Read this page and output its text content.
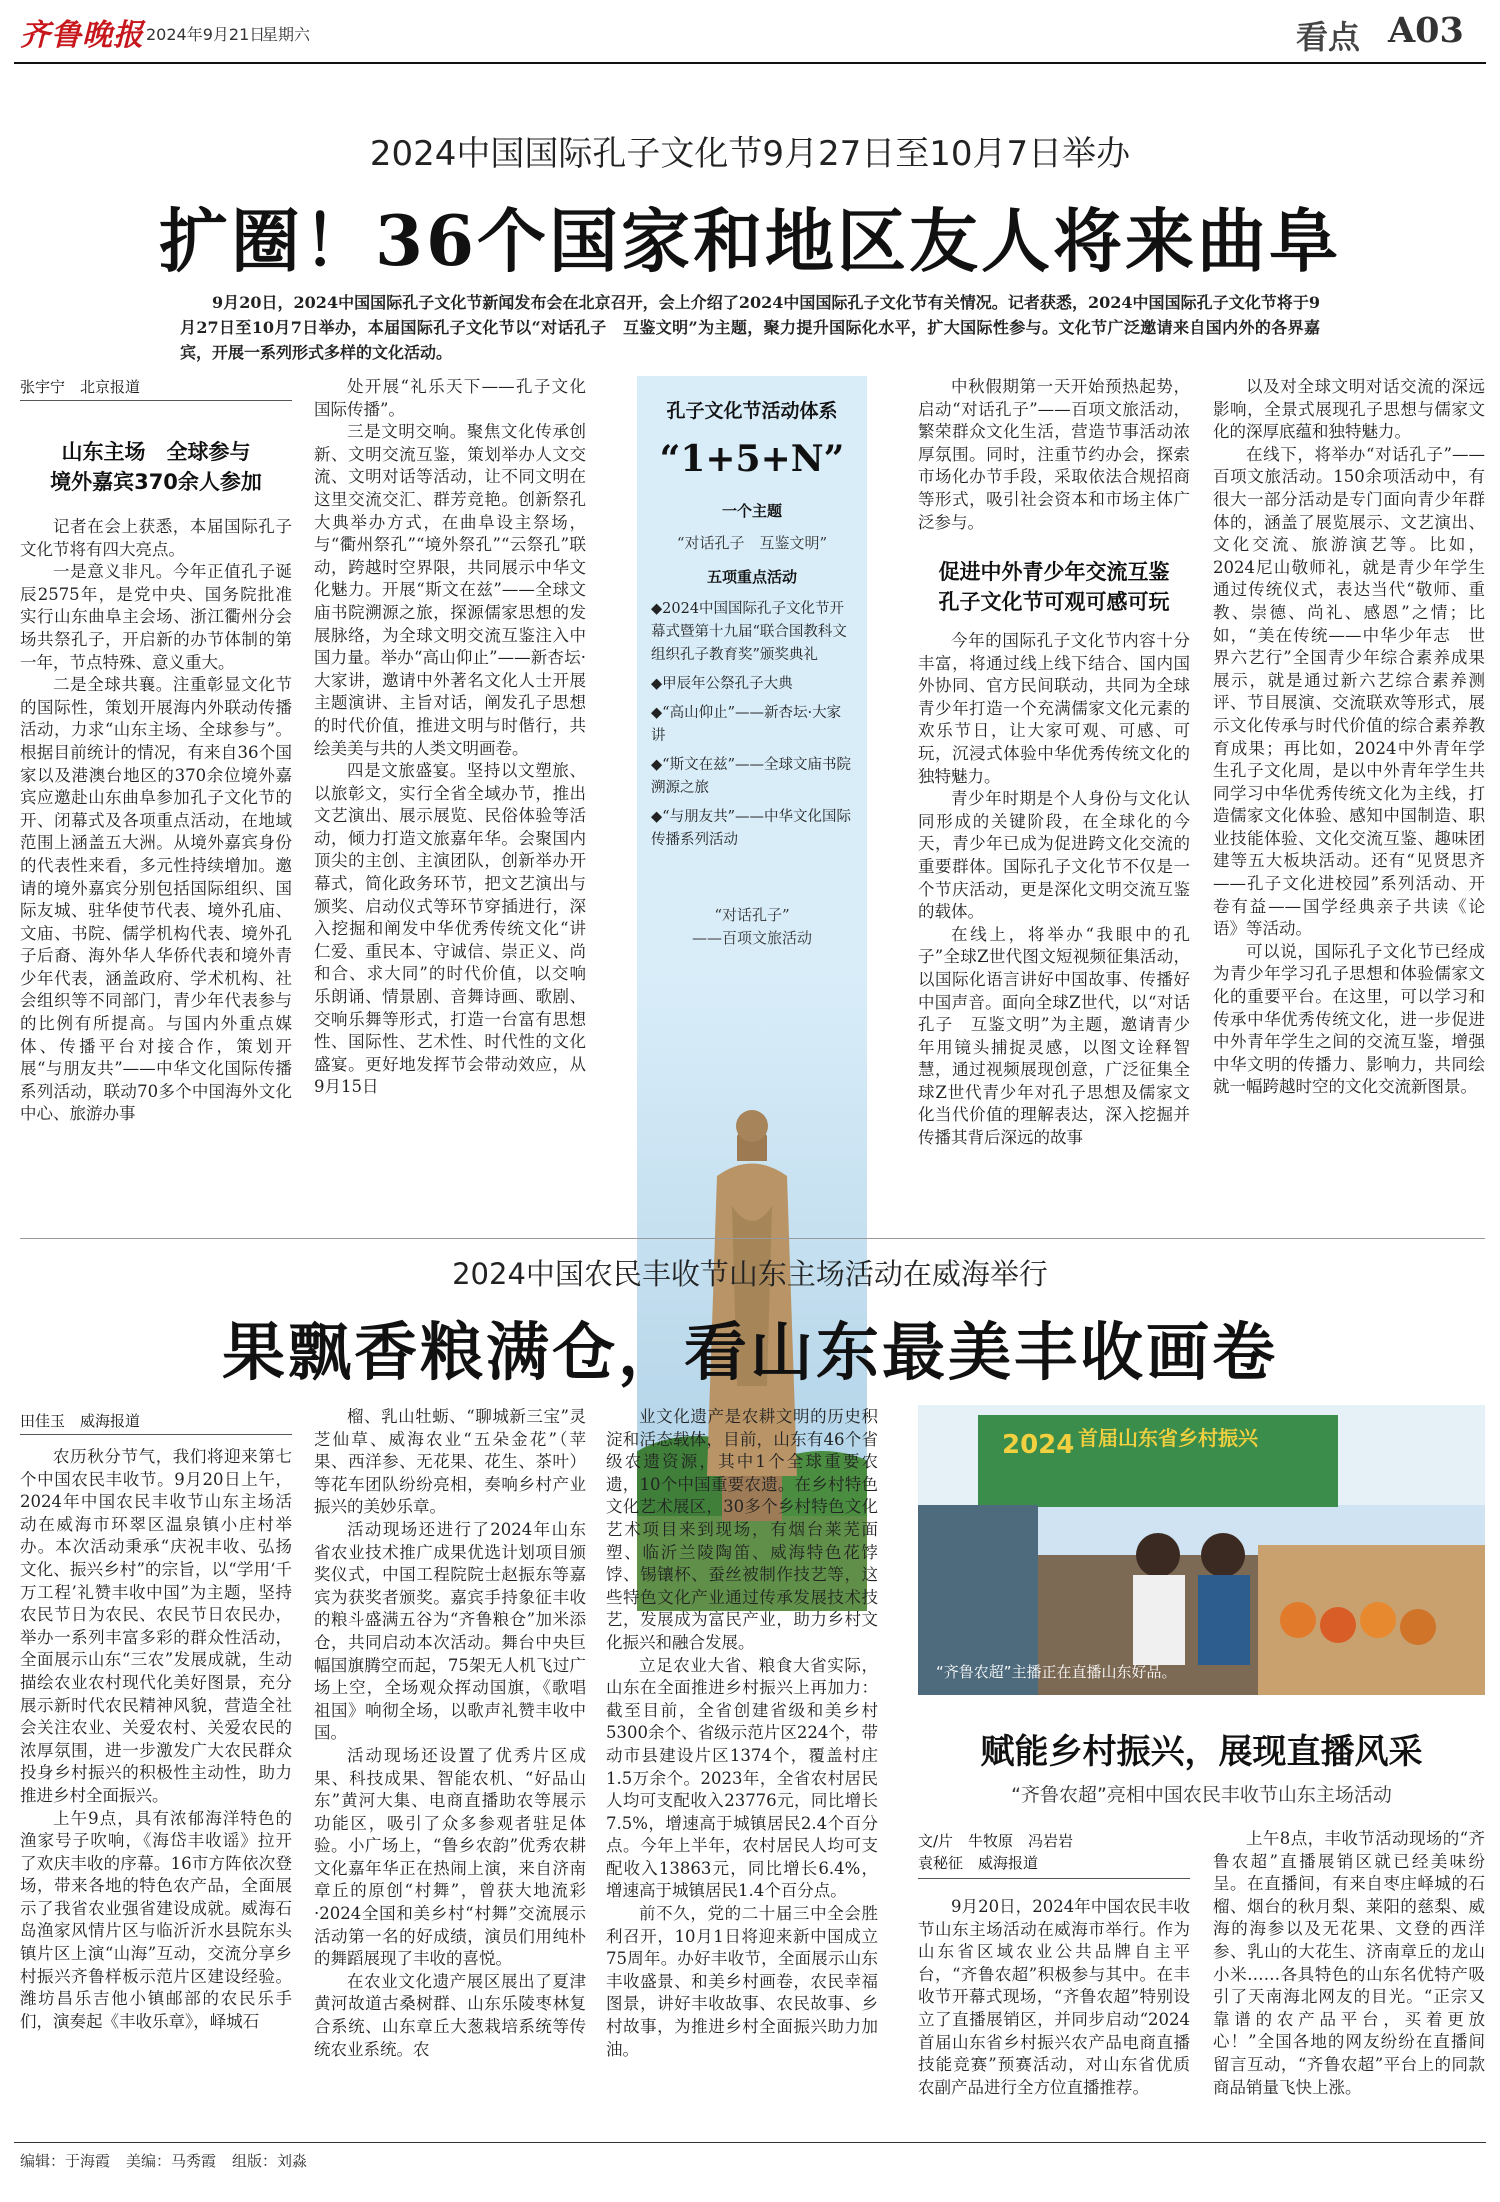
齐鲁晚报 2024年9月21日
星期六	看点 A03
2024中国国际孔子文化节9月27日至10月7日举办
扩圈！36个国家和地区友人将来曲阜
9月20日，2024中国国际孔子文化节新闻发布会在北京召开，会上介绍了2024中国国际孔子文化节有关情况。记者获悉，2024中国国际孔子文化节将于9月27日至10月7日举办，本届国际孔子文化节以“对话孔子　互鉴文明”为主题，聚力提升国际化水平，扩大国际性参与。文化节广泛邀请来自国内外的各界嘉宾，开展一系列形式多样的文化活动。
张宇宁　北京报道
山东主场　全球参与
境外嘉宾370余人参加

记者在会上获悉，本届国际孔子文化节将有四大亮点。

一是意义非凡。今年正值孔子诞辰2575年，是党中央、国务院批准实行山东曲阜主会场、浙江衢州分会场共祭孔子，开启新的办节体制的第一年，节点特殊、意义重大。

二是全球共襄。注重彰显文化节的国际性，策划开展海内外联动传播活动，力求“山东主场、全球参与”。根据目前统计的情况，有来自36个国家以及港澳台地区的370余位境外嘉宾应邀赴山东曲阜参加孔子文化节的开、闭幕式及各项重点活动，在地域范围上涵盖五大洲。从境外嘉宾身份的代表性来看，多元性持续增加。邀请的境外嘉宾分别包括国际组织、国际友城、驻华使节代表、境外孔庙、文庙、书院、儒学机构代表、境外孔子后裔、海外华人华侨代表和境外青少年代表，涵盖政府、学术机构、社会组织等不同部门，青少年代表参与的比例有所提高。与国内外重点媒体、传播平台对接合作，策划开展“与朋友共”——中华文化国际传播系列活动，联动70多个中国海外文化中心、旅游办事

处开展“礼乐天下——孔子文化国际传播”。

三是文明交响。聚焦文化传承创新、文明交流互鉴，策划举办人文交流、文明对话等活动，让不同文明在这里交流交汇、群芳竞艳。创新祭孔大典举办方式，在曲阜设主祭场，与“衢州祭孔”“境外祭孔”“云祭孔”联动，跨越时空界限，共同展示中华文化魅力。开展“斯文在兹”——全球文庙书院溯源之旅，探源儒家思想的发展脉络，为全球文明交流互鉴注入中国力量。举办“高山仰止”——新杏坛·大家讲，邀请中外著名文化人士开展主题演讲、主旨对话，阐发孔子思想的时代价值，推进文明与时偕行，共绘美美与共的人类文明画卷。

四是文旅盛宴。坚持以文塑旅、以旅彰文，实行全省全域办节，推出文艺演出、展示展览、民俗体验等活动，倾力打造文旅嘉年华。会聚国内顶尖的主创、主演团队，创新举办开幕式，简化政务环节，把文艺演出与颁奖、启动仪式等环节穿插进行，深入挖掘和阐发中华优秀传统文化“讲仁爱、重民本、守诚信、崇正义、尚和合、求大同”的时代价值，以交响乐朗诵、情景剧、音舞诗画、歌剧、交响乐舞等形式，打造一台富有思想性、国际性、艺术性、时代性的文化盛宴。更好地发挥节会带动效应，从9月15日

孔子文化节活动体系
“1+5+N”
一个主题
“对话孔子　互鉴文明”
五项重点活动
◆2024中国国际孔子文化节开幕式暨第十九届“联合国教科文组织孔子教育奖”颁奖典礼
◆甲辰年公祭孔子大典
◆“高山仰止”——新杏坛·大家讲
◆“斯文在兹”——全球文庙书院溯源之旅
◆“与朋友共”——中华文化国际传播系列活动
“对话孔子”
——百项文旅活动

中秋假期第一天开始预热起势，启动“对话孔子”——百项文旅活动，繁荣群众文化生活，营造节事活动浓厚氛围。同时，注重节约办会，探索市场化办节手段，采取依法合规招商等形式，吸引社会资本和市场主体广泛参与。

促进中外青少年交流互鉴
孔子文化节可观可感可玩

今年的国际孔子文化节内容十分丰富，将通过线上线下结合、国内国外协同、官方民间联动，共同为全球青少年打造一个充满儒家文化元素的欢乐节日，让大家可观、可感、可玩，沉浸式体验中华优秀传统文化的独特魅力。

青少年时期是个人身份与文化认同形成的关键阶段，在全球化的今天，青少年已成为促进跨文化交流的重要群体。国际孔子文化节不仅是一个节庆活动，更是深化文明交流互鉴的载体。

在线上，将举办“我眼中的孔子”全球Z世代图文短视频征集活动，以国际化语言讲好中国故事、传播好中国声音。面向全球Z世代，以“对话孔子　互鉴文明”为主题，邀请青少年用镜头捕捉灵感，以图文诠释智慧，通过视频展现创意，广泛征集全球Z世代青少年对孔子思想及儒家文化当代价值的理解表达，深入挖掘并传播其背后深远的故事

以及对全球文明对话交流的深远影响，全景式展现孔子思想与儒家文化的深厚底蕴和独特魅力。

在线下，将举办“对话孔子”——百项文旅活动。150余项活动中，有很大一部分活动是专门面向青少年群体的，涵盖了展览展示、文艺演出、文化交流、旅游演艺等。比如，2024尼山敬师礼，就是青少年学生通过传统仪式，表达当代“敬师、重教、崇德、尚礼、感恩”之情；比如，“美在传统——中华少年志　世界六艺行”全国青少年综合素养成果展示，就是通过新六艺综合素养测评、节目展演、交流联欢等形式，展示文化传承与时代价值的综合素养教育成果；再比如，2024中外青年学生孔子文化周，是以中外青年学生共同学习中华优秀传统文化为主线，打造儒家文化体验、感知中国制造、职业技能体验、文化交流互鉴、趣味团建等五大板块活动。还有“见贤思齐——孔子文化进校园”系列活动、开卷有益——国学经典亲子共读《论语》等活动。

可以说，国际孔子文化节已经成为青少年学习孔子思想和体验儒家文化的重要平台。在这里，可以学习和传承中华优秀传统文化，进一步促进中外青年学生之间的交流互鉴，增强中华文明的传播力、影响力，共同绘就一幅跨越时空的文化交流新图景。

2024中国农民丰收节山东主场活动在威海举行
果飘香粮满仓，看山东最美丰收画卷
田佳玉　威海报道

农历秋分节气，我们将迎来第七个中国农民丰收节。9月20日上午，2024年中国农民丰收节山东主场活动在威海市环翠区温泉镇小庄村举办。本次活动秉承“庆祝丰收、弘扬文化、振兴乡村”的宗旨，以“学用‘千万工程’礼赞丰收中国”为主题，坚持农民节日为农民、农民节日农民办，举办一系列丰富多彩的群众性活动，全面展示山东“三农”发展成就，生动描绘农业农村现代化美好图景，充分展示新时代农民精神风貌，营造全社会关注农业、关爱农村、关爱农民的浓厚氛围，进一步激发广大农民群众投身乡村振兴的积极性主动性，助力推进乡村全面振兴。

上午9点，具有浓郁海洋特色的渔家号子吹响，《海岱丰收谣》拉开了欢庆丰收的序幕。16市方阵依次登场，带来各地的特色农产品，全面展示了我省农业强省建设成就。威海石岛渔家风情片区与临沂沂水县院东头镇片区上演“山海”互动，交流分享乡村振兴齐鲁样板示范片区建设经验。潍坊昌乐吉他小镇邮部的农民乐手们，演奏起《丰收乐章》，峄城石

榴、乳山牡蛎、“聊城新三宝”灵芝仙草、威海农业“五朵金花”（苹果、西洋参、无花果、花生、茶叶）等花车团队纷纷亮相，奏响乡村产业振兴的美妙乐章。

活动现场还进行了2024年山东省农业技术推广成果优选计划项目颁奖仪式，中国工程院院士赵振东等嘉宾为获奖者颁奖。嘉宾手持象征丰收的粮斗盛满五谷为“齐鲁粮仓”加米添仓，共同启动本次活动。舞台中央巨幅国旗腾空而起，75架无人机飞过广场上空，全场观众挥动国旗，《歌唱祖国》响彻全场，以歌声礼赞丰收中国。

活动现场还设置了优秀片区成果、科技成果、智能农机、“好品山东”黄河大集、电商直播助农等展示功能区，吸引了众多参观者驻足体验。小广场上，“鲁乡农韵”优秀农耕文化嘉年华正在热闹上演，来自济南章丘的原创“村舞”，曾获大地流彩·2024全国和美乡村“村舞”交流展示活动第一名的好成绩，演员们用纯朴的舞蹈展现了丰收的喜悦。

在农业文化遗产展区展出了夏津黄河故道古桑树群、山东乐陵枣林复合系统、山东章丘大葱栽培系统等传统农业系统。农

业文化遗产是农耕文明的历史积淀和活态载体，目前，山东有46个省级农遗资源，其中1个全球重要农遗，10个中国重要农遗。在乡村特色文化艺术展区，30多个乡村特色文化艺术项目来到现场，有烟台莱芜面塑、临沂兰陵陶笛、威海特色花饽饽、锡镶杯、蚕丝被制作技艺等，这些特色文化产业通过传承发展技术技艺，发展成为富民产业，助力乡村文化振兴和融合发展。

立足农业大省、粮食大省实际，山东在全面推进乡村振兴上再加力：截至目前，全省创建省级和美乡村5300余个、省级示范片区224个，带动市县建设片区1374个，覆盖村庄1.5万余个。2023年，全省农村居民人均可支配收入23776元，同比增长7.5%，增速高于城镇居民2.4个百分点。今年上半年，农村居民人均可支配收入13863元，同比增长6.4%，增速高于城镇居民1.4个百分点。

前不久，党的二十届三中全会胜利召开，10月1日将迎来新中国成立75周年。办好丰收节，全面展示山东丰收盛景、和美乡村画卷，农民幸福图景，讲好丰收故事、农民故事、乡村故事，为推进乡村全面振兴助力加油。

2024 首届山东省乡村振兴
“齐鲁农超”主播正在直播山东好品。
赋能乡村振兴，展现直播风采
“齐鲁农超”亮相中国农民丰收节山东主场活动
文/片　牛牧原　冯岩岩
袁秘征　威海报道

9月20日，2024年中国农民丰收节山东主场活动在威海市举行。作为山东省区域农业公共品牌自主平台，“齐鲁农超”积极参与其中。在丰收节开幕式现场，“齐鲁农超”特别设立了直播展销区，并同步启动“2024首届山东省乡村振兴农产品电商直播技能竞赛”预赛活动，对山东省优质农副产品进行全方位直播推荐。

上午8点，丰收节活动现场的“齐鲁农超”直播展销区就已经美味纷呈。在直播间，有来自枣庄峄城的石榴、烟台的秋月梨、莱阳的慈梨、威海的海参以及无花果、文登的西洋参、乳山的大花生、济南章丘的龙山小米……各具特色的山东名优特产吸引了天南海北网友的目光。“正宗又靠谱的农产品平台，买着更放心！”全国各地的网友纷纷在直播间留言互动，“齐鲁农超”平台上的同款商品销量飞快上涨。

编辑：于海霞 美编：马秀霞 组版：刘淼
